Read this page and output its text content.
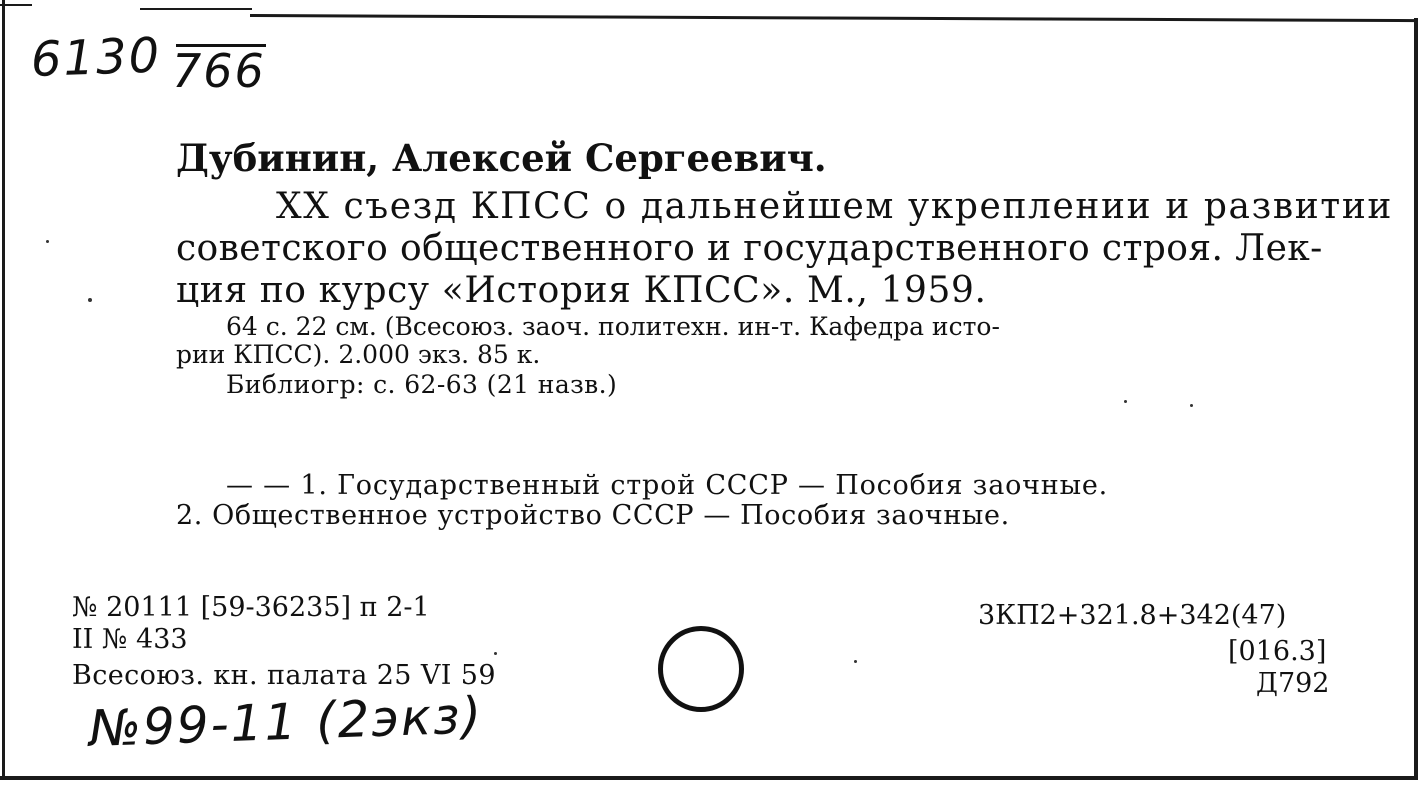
6130 766
Дубинин, Алексей Сергеевич.
XX съезд КПСС о дальнейшем укреплении и развитии
советского общественного и государственного строя. Лек-
ция по курсу «История КПСС». М., 1959.
64 с. 22 см. (Всесоюз. заоч. политехн. ин-т. Кафедра исто-
рии КПСС). 2.000 экз. 85 к.
Библиогр: с. 62-63 (21 назв.)
— — 1. Государственный строй СССР — Пособия заочные.
2. Общественное устройство СССР — Пособия заочные.
№ 20111 [59-36235] п 2-1
II № 433
Всесоюз. кн. палата 25 VI 59
№99-11 (2экз)
3КП2+321.8+342(47)
[016.3]
Д792
